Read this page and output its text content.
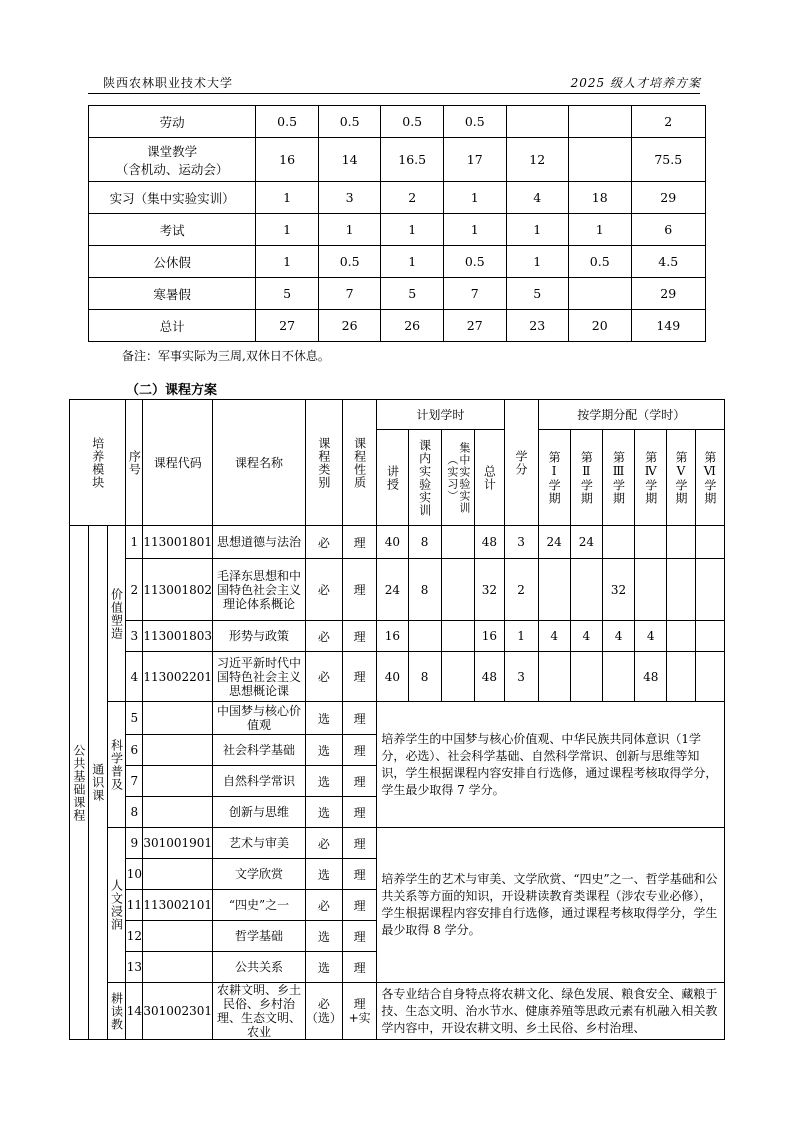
陕西农林职业技术大学	2025 级人才培养方案
劳动	0.5	0.5	0.5	0.5			2

课堂教学
（含机动、运动会）	16	14	16.5	17	12		75.5
实习（集中实验实训）	1	3	2	1	4	18	29
考试	1	1	1	1	1	1	6
公休假	1	0.5	1	0.5	1	0.5	4.5
寒暑假	5	7	5	7	5		29
总计	27	26	26	27	23	20	149
备注：军事实际为三周,双休日不休息。
（二）课程方案
培养模块			序号	课程代码	课程名称	课程类别	课程性质	计划学时				学分	按学期分配（学时）					

								讲授	课内实验实训	集中实验实训（实习）	总计		第Ⅰ学期	第Ⅱ学期	第Ⅲ学期	第Ⅳ学期	第Ⅴ学期	第Ⅵ学期

公共基础课程	通识课	价值塑造	1	113001801	思想道德与法治	必	理	40	8		48	3	24	24				
			2	113001802	毛泽东思想和中国特色社会主义理论体系概论	必	理	24	8		32	2			32			
			3	113001803	形势与政策	必	理	16			16	1	4	4	4	4		
			4	113002201	习近平新时代中国特色社会主义思想概论课	必	理	40	8		48	3				48		

		科学普及	5		中国梦与核心价值观	选	理	培养学生的中国梦与核心价值观、中华民族共同体意识（1学分，必选）、社会科学基础、自然科学常识、创新与思维等知识，学生根据课程内容安排自行选修，通过课程考核取得学分，学生最少取得 7 学分。										
			6		社会科学基础	选	理											
			7		自然科学常识	选	理											
			8		创新与思维	选	理											

		人文浸润	9	301001901	艺术与审美	必	理	培养学生的艺术与审美、文学欣赏、“四史”之一、哲学基础和公共关系等方面的知识，开设耕读教育类课程（涉农专业必修），学生根据课程内容安排自行选修，通过课程考核取得学分，学生最少取得 8 学分。										
			10		文学欣赏	选	理											
			11	113002101	“四史”之一	必	理											
			12		哲学基础	选	理											
			13		公共关系	选	理											

		耕读教	14	301002301	农耕文明、乡土民俗、乡村治理、生态文明、农业	必（选）	理+实	各专业结合自身特点将农耕文化、绿色发展、粮食安全、藏粮于技、生态文明、治水节水、健康养殖等思政元素有机融入相关教学内容中，开设农耕文明、乡土民俗、乡村治理、										
